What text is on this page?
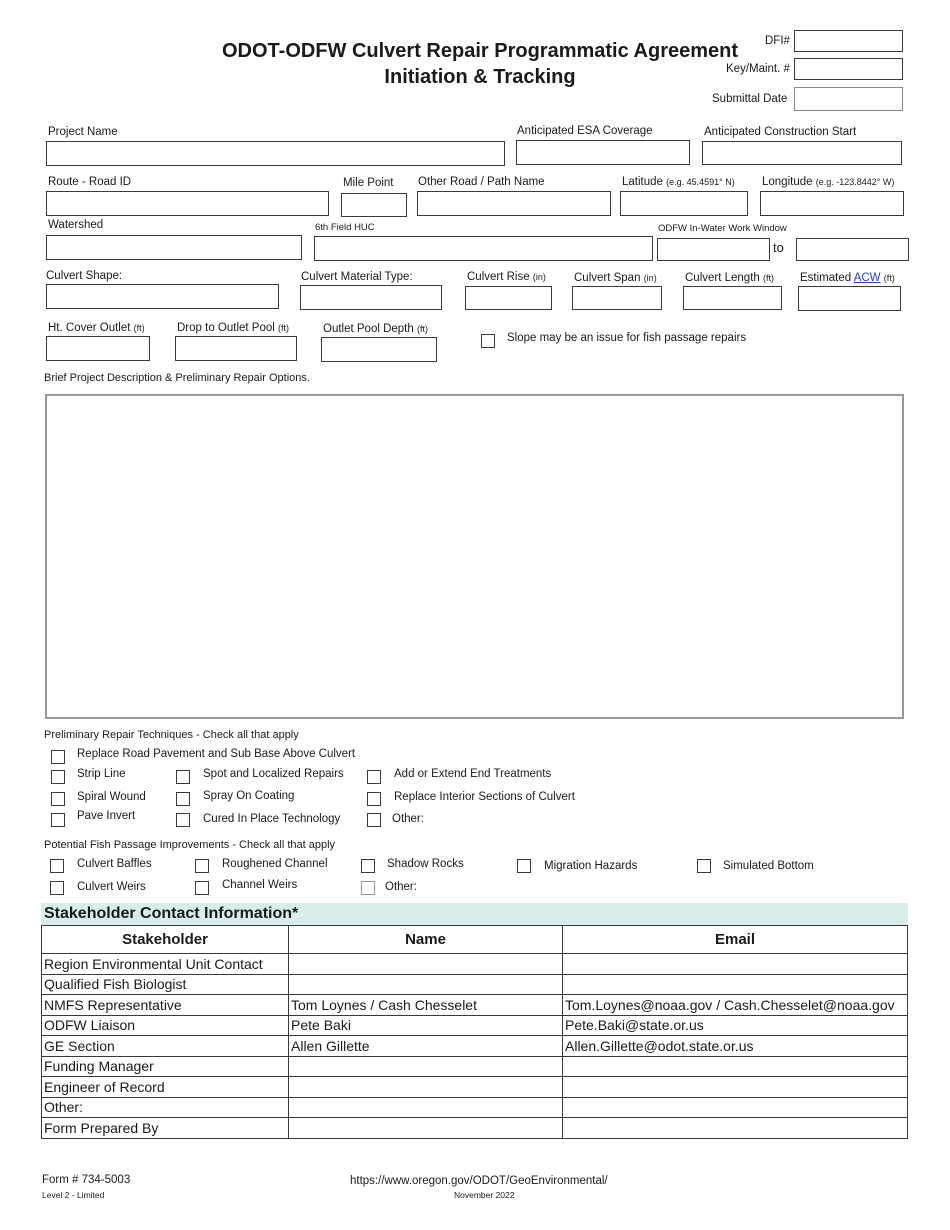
ODOT-ODFW Culvert Repair Programmatic Agreement
Initiation & Tracking
DFI#
Key/Maint. #
Submittal Date
Project Name	Anticipated ESA Coverage	Anticipated Construction Start
Route - Road ID	Mile Point Other Road / Path Name	Latitude (e.g. 45.4591° N) Longitude (e.g. -123.8442° W)
Watershed	6th Field HUC	ODFW In-Water Work Window
to
Culvert Shape:	Culvert Material Type:	Culvert Rise (in) Culvert Span (in) Culvert Length (ft) Estimated ACW (ft)
Ht. Cover Outlet (ft)	Drop to Outlet Pool (ft)	Outlet Pool Depth (ft)
Slope may be an issue for fish passage repairs
Brief Project Description & Preliminary Repair Options.
Preliminary Repair Techniques - Check all that apply
Replace Road Pavement and Sub Base Above Culvert
Strip Line	Spot and Localized Repairs	Add or Extend End Treatments
Spiral Wound	Spray On Coating	Replace Interior Sections of Culvert
Pave Invert	Cured In Place Technology	Other:
Potential Fish Passage Improvements - Check all that apply
Culvert Baffles	Roughened Channel	Shadow Rocks	Migration Hazards	Simulated Bottom
Culvert Weirs	Channel Weirs	Other:
Stakeholder Contact Information*
Stakeholder	Name	Email
Region Environmental Unit Contact		
Qualified Fish Biologist		
NMFS Representative	Tom Loynes / Cash Chesselet	Tom.Loynes@noaa.gov / Cash.Chesselet@noaa.gov
ODFW Liaison	Pete Baki	Pete.Baki@state.or.us
GE Section	Allen Gillette	Allen.Gillette@odot.state.or.us
Funding Manager		
Engineer of Record		
Other:		
Form Prepared By		
Form # 734-5003
Level 2 - Limited
https://www.oregon.gov/ODOT/GeoEnvironmental/
November 2022
